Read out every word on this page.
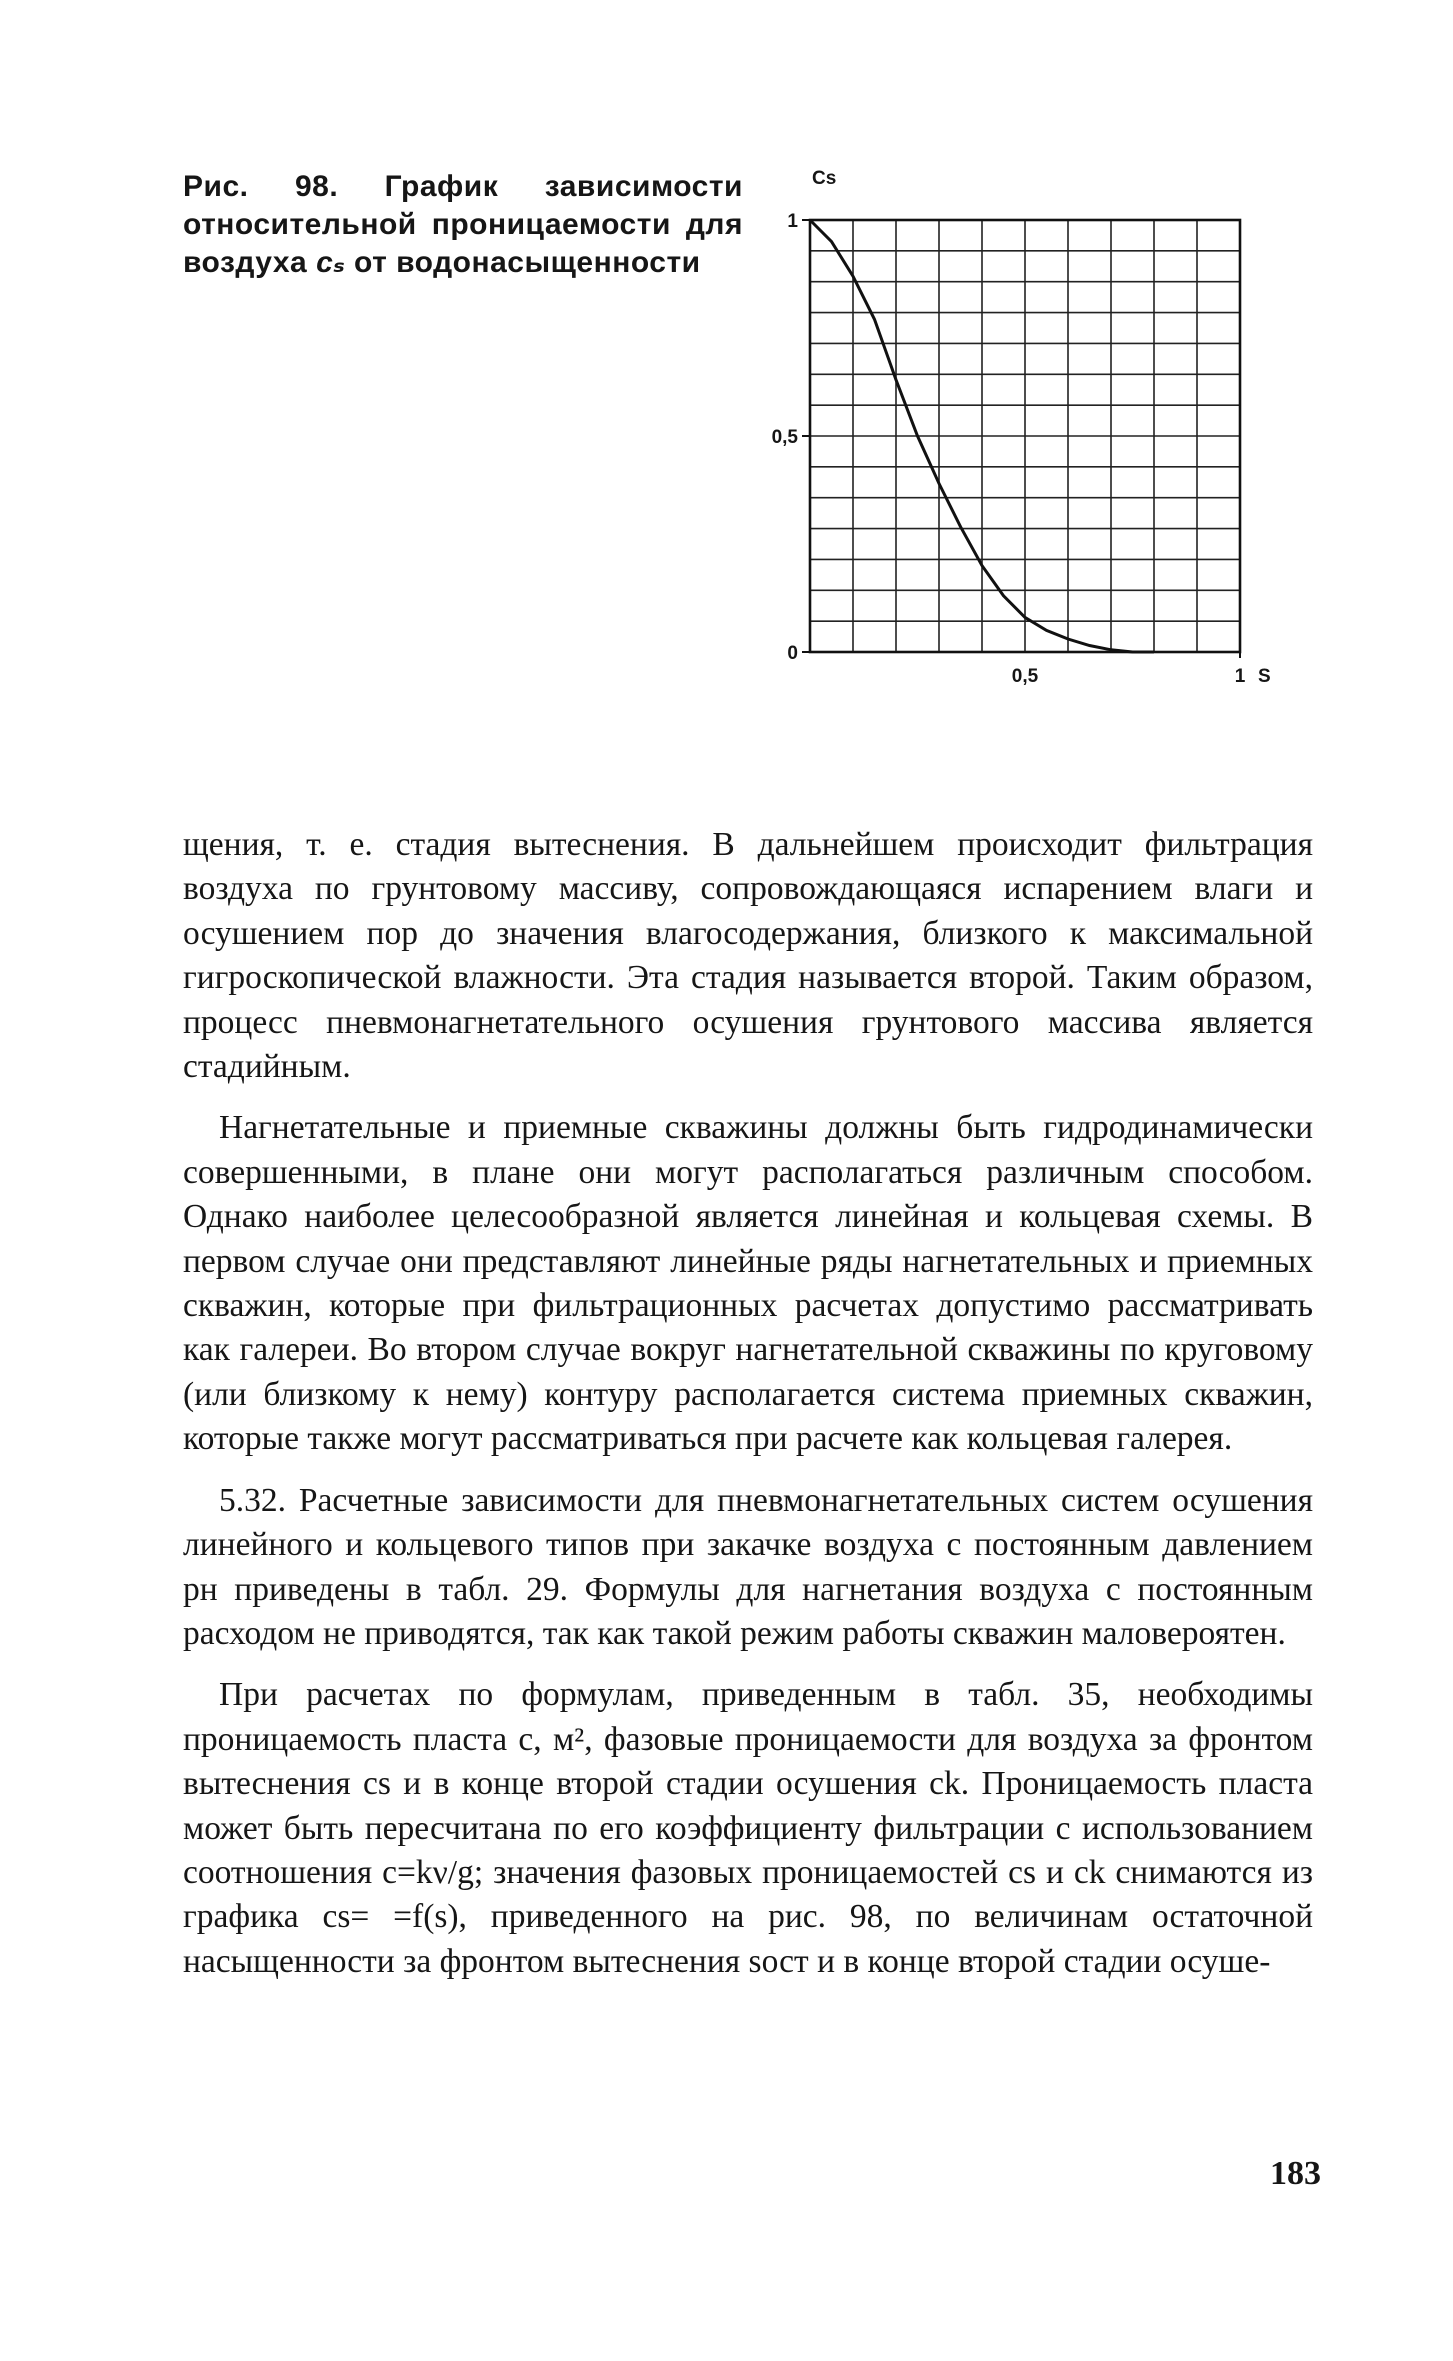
Рис. 98. График зависимости относительной проницаемости для воздуха cₛ от водонасыщенности
0
0,5
1
0,5	1
Cs
S

щения, т. е. стадия вытеснения. В дальнейшем происходит фильтрация воздуха по грунтовому массиву, сопровождающаяся испарением влаги и осушением пор до значения влагосодержания, близкого к максимальной гигроскопической влажности. Эта стадия называется второй. Таким образом, процесс пневмонагнетательного осушения грунтового массива является стадийным.

Нагнетательные и приемные скважины должны быть гидродинамически совершенными, в плане они могут располагаться различным способом. Однако наиболее целесообразной является линейная и кольцевая схемы. В первом случае они представляют линейные ряды нагнетательных и приемных скважин, которые при фильтрационных расчетах допустимо рассматривать как галереи. Во втором случае вокруг нагнетательной скважины по круговому (или близкому к нему) контуру располагается система приемных скважин, которые также могут рассматриваться при расчете как кольцевая галерея.

5.32. Расчетные зависимости для пневмонагнетательных систем осушения линейного и кольцевого типов при закачке воздуха с постоянным давлением pн приведены в табл. 29. Формулы для нагнетания воздуха с постоянным расходом не приводятся, так как такой режим работы скважин маловероятен.

При расчетах по формулам, приведенным в табл. 35, необходимы проницаемость пласта c, м², фазовые проницаемости для воздуха за фронтом вытеснения cs и в конце второй стадии осушения ck. Проницаемость пласта может быть пересчитана по его коэффициенту фильтрации с использованием соотношения c=kν/g; значения фазовых проницаемостей cs и ck снимаются из графика cs= =f(s), приведенного на рис. 98, по величинам остаточной насыщенности за фронтом вытеснения sост и в конце второй стадии осуше-

183
